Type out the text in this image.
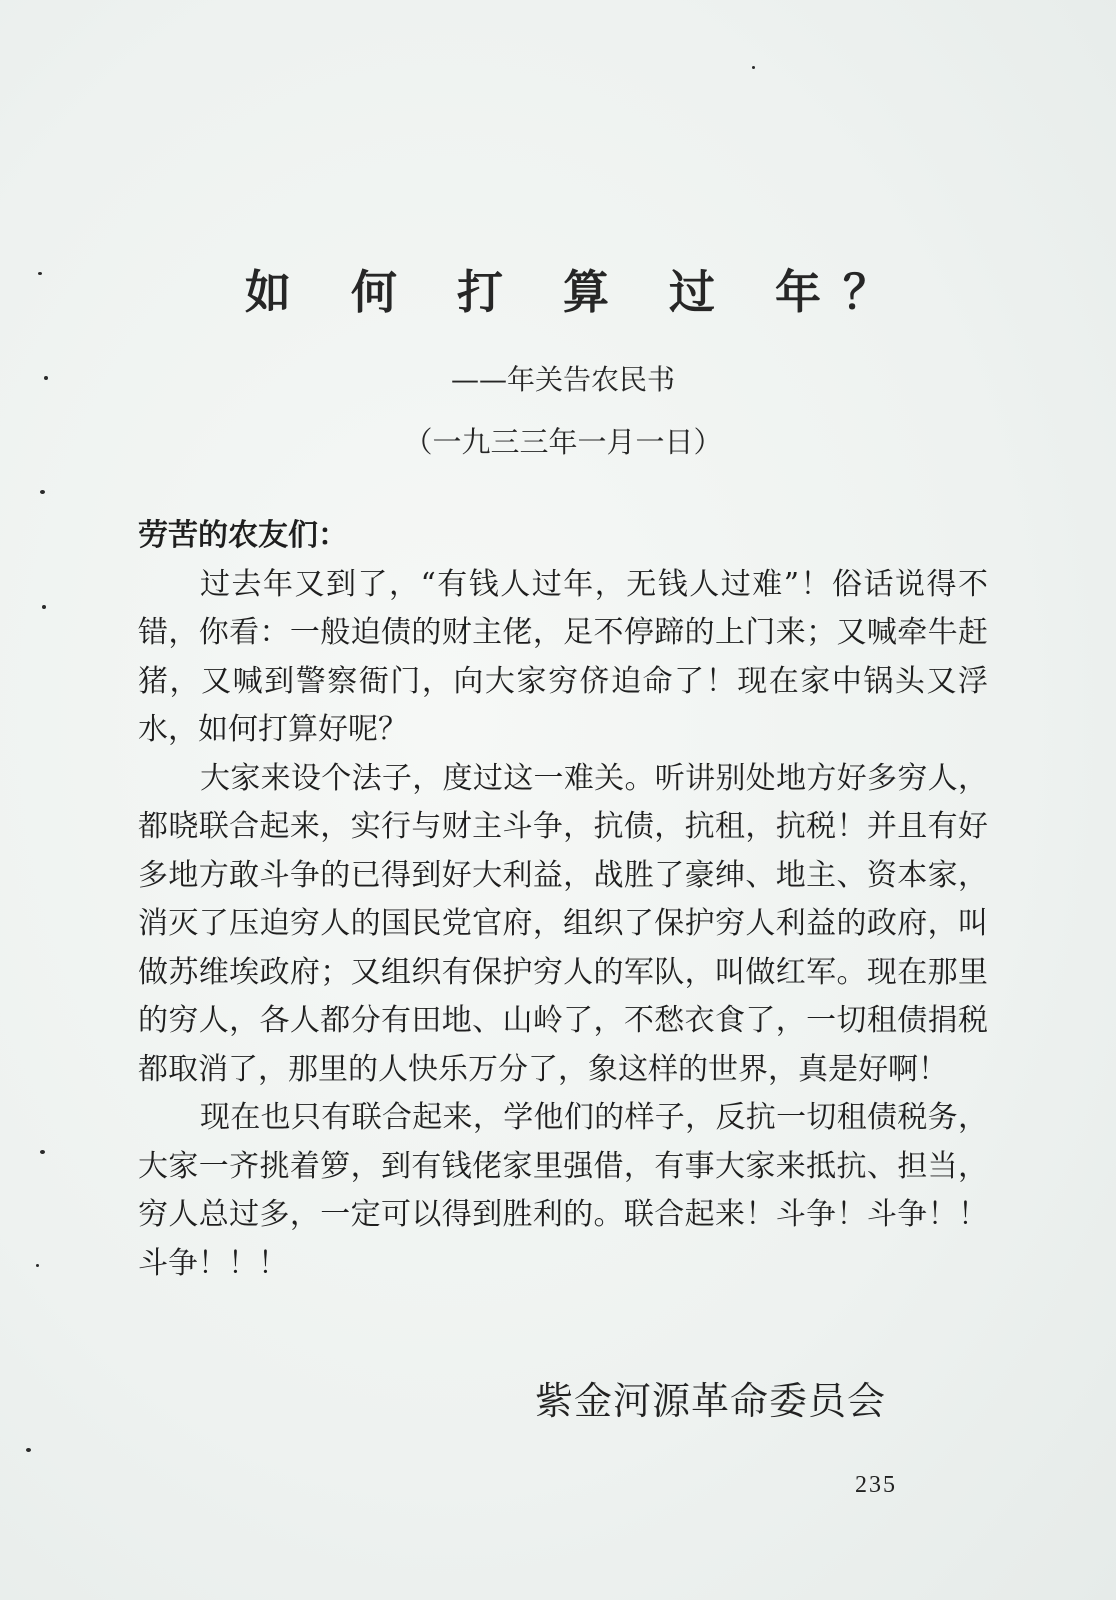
如 何 打 算 过 年？
——年关告农民书
（一九三三年一月一日）

劳苦的农友们：

过去年又到了，“有钱人过年，无钱人过难”！俗话说得不错，你看：一般迫债的财主佬，足不停蹄的上门来；又喊牵牛赶猪，又喊到警察衙门，向大家穷侪迫命了！现在家中锅头又浮水，如何打算好呢？

大家来设个法子，度过这一难关。听讲别处地方好多穷人，都晓联合起来，实行与财主斗争，抗债，抗租，抗税！并且有好多地方敢斗争的已得到好大利益，战胜了豪绅、地主、资本家，消灭了压迫穷人的国民党官府，组织了保护穷人利益的政府，叫做苏维埃政府；又组织有保护穷人的军队，叫做红军。现在那里的穷人，各人都分有田地、山岭了，不愁衣食了，一切租债捐税都取消了，那里的人快乐万分了，象这样的世界，真是好啊！

现在也只有联合起来，学他们的样子，反抗一切租债税务，大家一齐挑着箩，到有钱佬家里强借，有事大家来抵抗、担当，穷人总过多，一定可以得到胜利的。联合起来！斗争！斗争！！斗争！！！

紫金河源革命委员会
235
